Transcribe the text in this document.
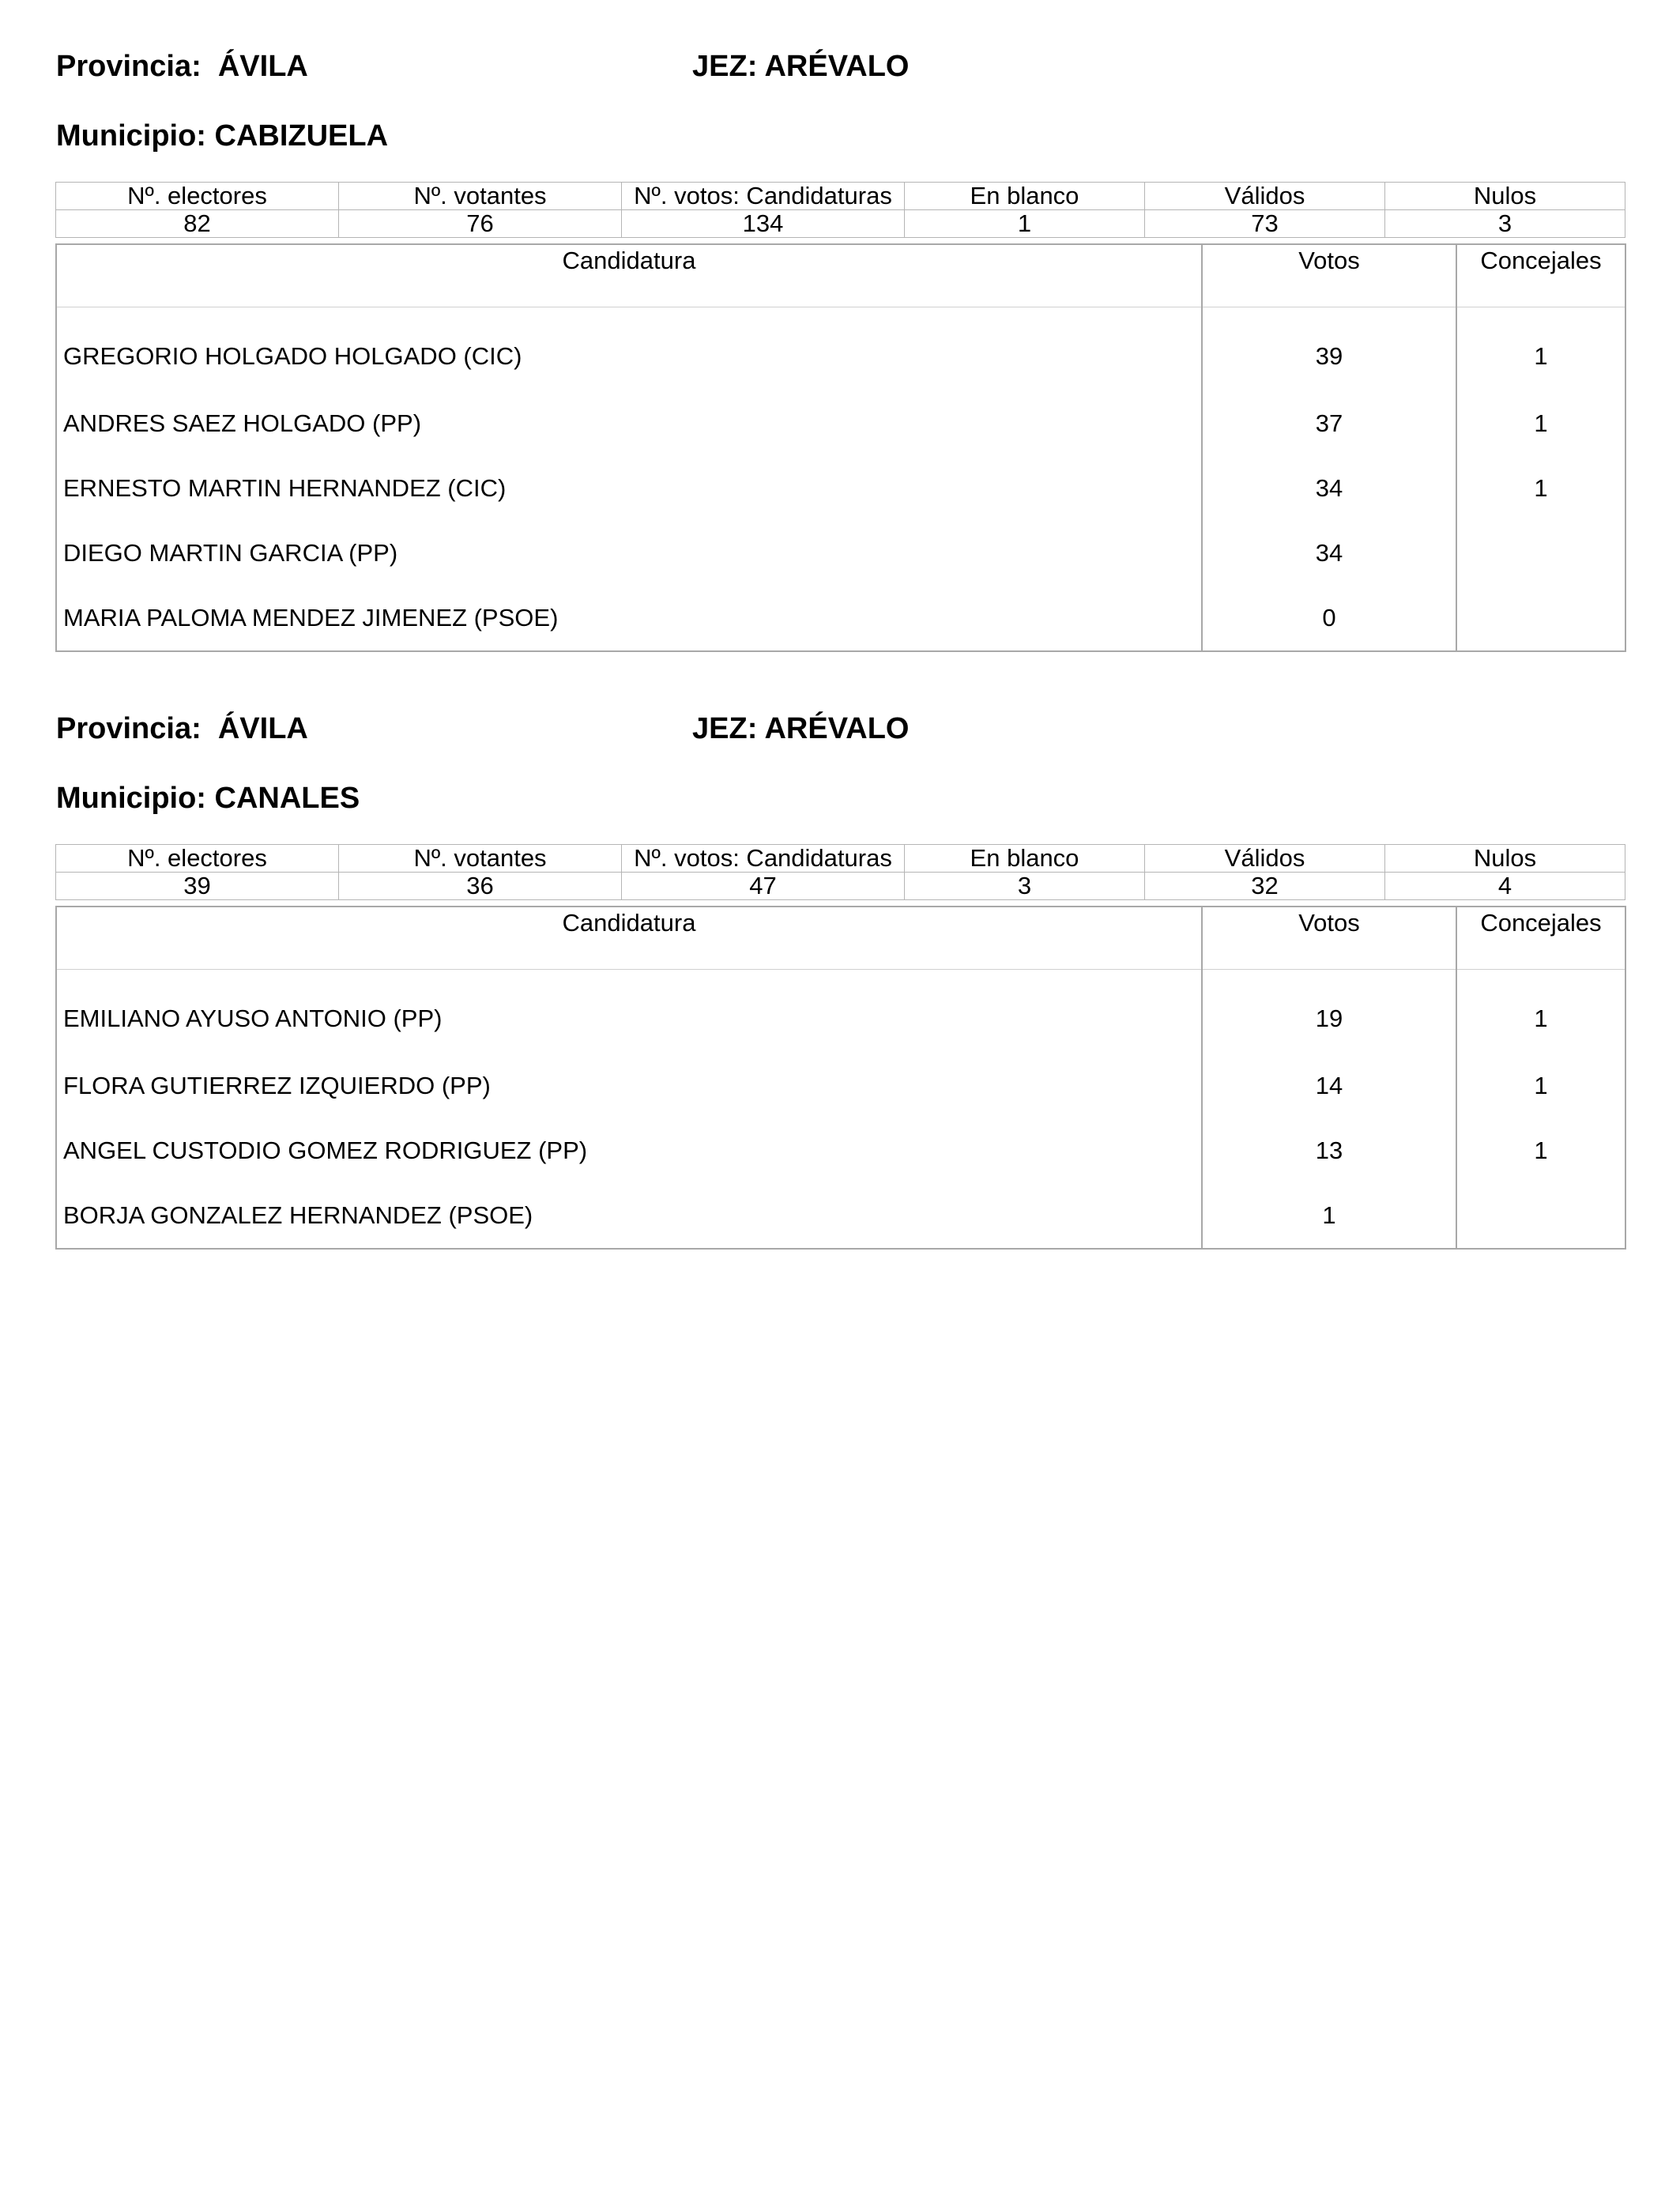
Provincia:  ÁVILA	JEZ: ARÉVALO
Municipio: CABIZUELA
Nº. electores	Nº. votantes	Nº. votos: Candidaturas	En blanco	Válidos	Nulos
82	76	134	1	73	3
Candidatura	Votos	Concejales
GREGORIO HOLGADO HOLGADO (CIC)	39	1
ANDRES SAEZ HOLGADO (PP)	37	1
ERNESTO MARTIN HERNANDEZ (CIC)	34	1
DIEGO MARTIN GARCIA (PP)	34	
MARIA PALOMA MENDEZ JIMENEZ (PSOE)	0	
Provincia:  ÁVILA	JEZ: ARÉVALO
Municipio: CANALES
Nº. electores	Nº. votantes	Nº. votos: Candidaturas	En blanco	Válidos	Nulos
39	36	47	3	32	4
Candidatura	Votos	Concejales
EMILIANO AYUSO ANTONIO (PP)	19	1
FLORA GUTIERREZ IZQUIERDO (PP)	14	1
ANGEL CUSTODIO GOMEZ RODRIGUEZ (PP)	13	1
BORJA GONZALEZ HERNANDEZ (PSOE)	1	
